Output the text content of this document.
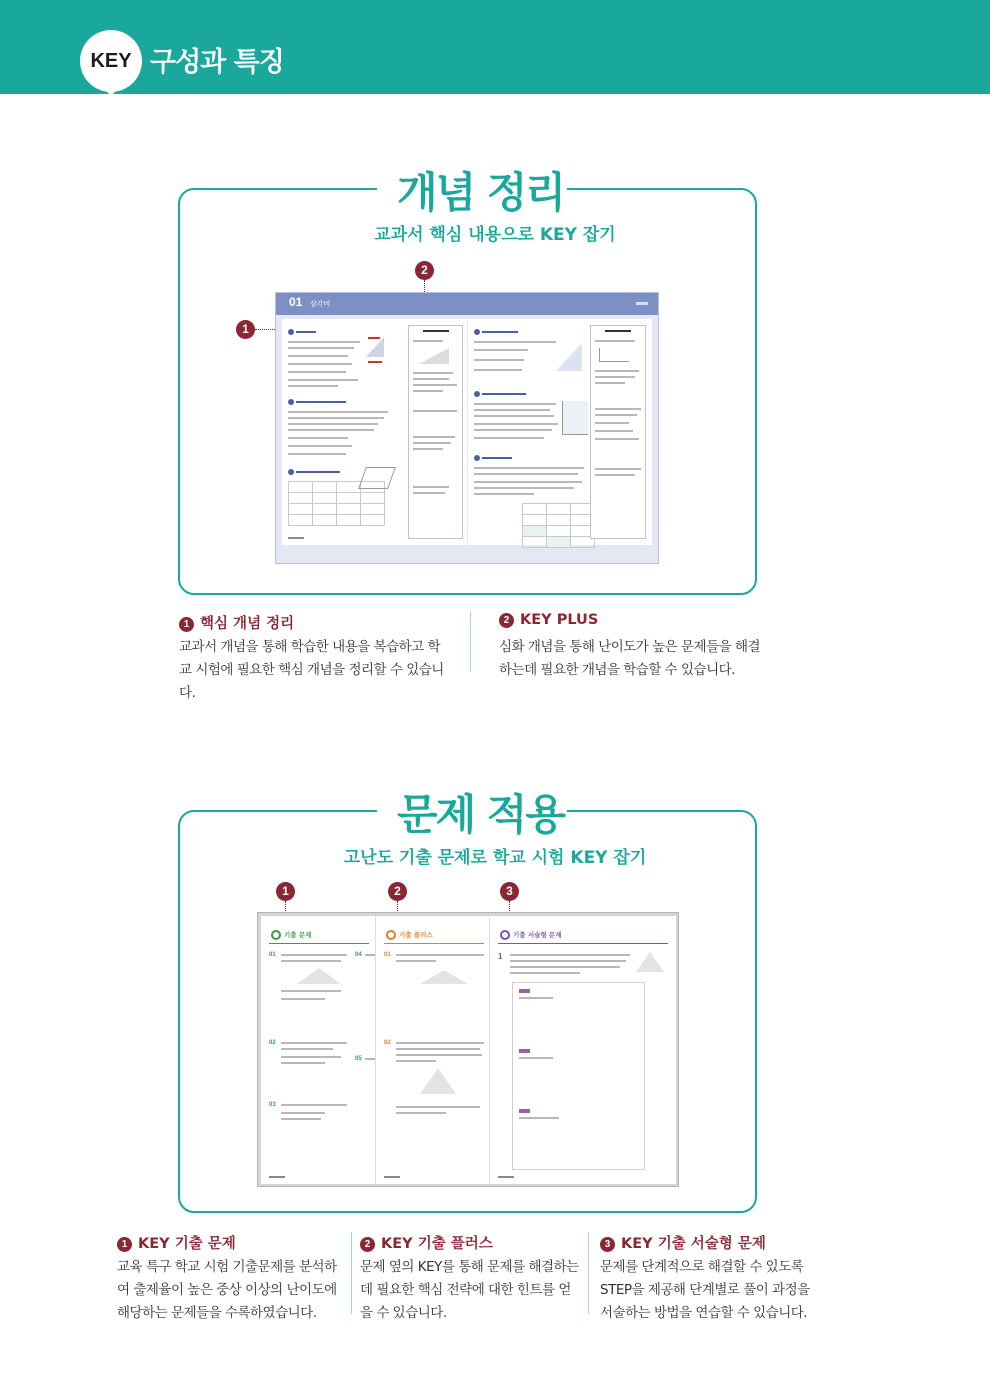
KEY 구성과 특징
개념 정리
교과서 핵심 내용으로 KEY 잡기
2
1
01 삼각비

1 핵심 개념 정리
교과서 개념을 통해 학습한 내용을 복습하고 학교 시험에 필요한 핵심 개념을 정리할 수 있습니다.
2 KEY PLUS
심화 개념을 통해 난이도가 높은 문제들을 해결하는데 필요한 개념을 학습할 수 있습니다.
문제 적용
고난도 기출 문제로 학교 시험 KEY 잡기
1	2	3
기출 문제
01
02
03
04
05
기출 플러스
01
02
기출 서술형 문제
1
1 KEY 기출 문제
교육 특구 학교 시험 기출문제를 분석하여 출제율이 높은 중상 이상의 난이도에 해당하는 문제들을 수록하였습니다.
2 KEY 기출 플러스
문제 옆의 KEY를 통해 문제를 해결하는 데 필요한 핵심 전략에 대한 힌트를 얻을 수 있습니다.
3 KEY 기출 서술형 문제
문제를 단계적으로 해결할 수 있도록 STEP을 제공해 단계별로 풀이 과정을 서술하는 방법을 연습할 수 있습니다.
